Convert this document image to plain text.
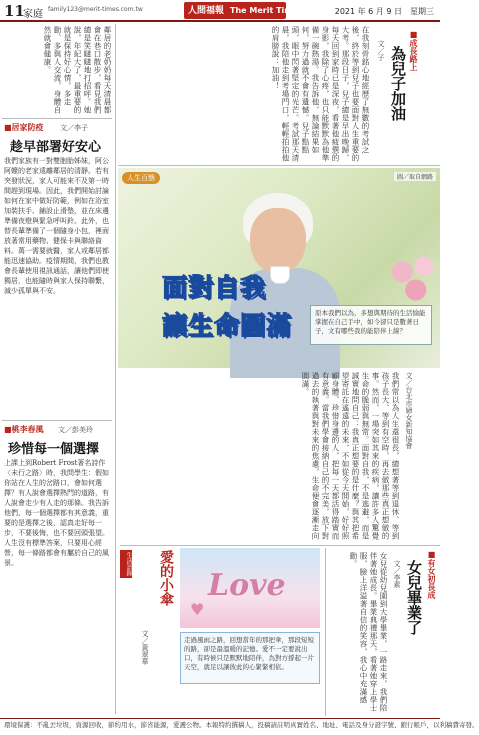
11
家庭 family123@merit-times.com.tw	人間福報 The Merit Times	2021 年 6 月 9 日　星期三
■成長路上
為兒子加油
文／子
在我刻骨銘心地經歷了無數的考試之後，終於等到兒子也要面對人生重要的大考。那段日子，兒子總是早出晚歸，每天回到家時已是深夜，看著他疲憊的身影，我除了心疼，也只能默默為他準備一碗熱湯。我告訴他，無論結果如何，努力過就不會有遺憾。兒子點點頭，眼中閃著堅定的光芒。考試那天清晨，我陪他走到考場門口，輕輕拍拍他的肩膀說：加油！
鄰居的老奶奶每天清晨都會在巷口散步，看見我們總是笑瞇瞇地打招呼。她說，年紀大了，最重要的就是保持好心情，多走動、多與人交流，身體自然就會健康。
■居家防疫 文／李子
趁早部署好安心
我們家族有一對雙胞胎姊妹，阿公阿嬤的老家遠離鄰居的清靜。若有突發狀況，家人可能來不及第一時間趕到現場。因此，我們開始討論如何在家中做好防範，例如在浴室加裝扶手、鋪設止滑墊，並在床邊準備夜燈與緊急呼叫鈴。此外，也替長輩準備了一個隨身小包，裡面放著常用藥物、健保卡與聯絡資料。萬一需要就醫，家人或鄰居都能迅速協助。疫情期間，我們也教會長輩使用視訊通話，讓他們即使獨居，也能隨時與家人保持聯繫，減少孤單與不安。
■桃李春風 文／彭美玲
珍惜每一個選擇
上課上到Robert Frost著名詩作〈未行之路〉時，我問學生：假如你站在人生的岔路口，會如何選擇？有人說會選擇熱門的道路，有人說會走少有人走的那條。我告訴他們，每一個選擇都有其意義，重要的是選擇之後，認真走好每一步，不要後悔，也不要回頭張望。人生沒有標準答案，只要用心經營，每一條路都會有屬於自己的風景。
人生百態	圖／取自網路
面對自我
讓生命圓滿	原本我們以為，多想與期待的生活愉能掌握在自己手中，如今卻只是數著日子，文有哪些我的能陪伴上線？
文／台北市婦女新知協會
我們常以為人生還很長，總想著等到退休、等到孩子長大、等到有空時，再去做那些真正想做的事。然而，一場突如其來的疾病，讓許多人驚覺生命的脆弱與無常。面對自我，不是逃避，而是誠實地問自己：我真正想要的是什麼？與其把希望寄託在遙遠的未來，不如從今天開始，好好照顧身體、珍惜身邊的人，把每一天都活得踏實而有意義。當我們學會接納自己的不完美，放下對過去的執著與對未來的焦慮，生命便會逐漸走向圓滿。
愛的小傘
生活語錄
文／黃翠華
Love
♥
走過風雨之路，回想當年的那把傘，那段短短的路，卻是最溫暖的記憶。愛不一定要說出口，有時候只是默默地陪伴，為對方撐起一片天空，就足以讓彼此的心緊緊相依。
■有女初長成
女兒畢業了
文／李素
女兒從幼兒園到大學畢業，一路走來，我們陪伴著她成長。畢業典禮那天，看著她穿上學士服，臉上洋溢著自信的笑容，我心中充滿感動。
環境保護：不亂丟垃圾，資源回收，節約用水，節省能源，愛護公物。本報特約撰稿人，投稿請註明真實姓名、地址、電話及身分證字號、銀行帳戶，以利稿費寄發。
